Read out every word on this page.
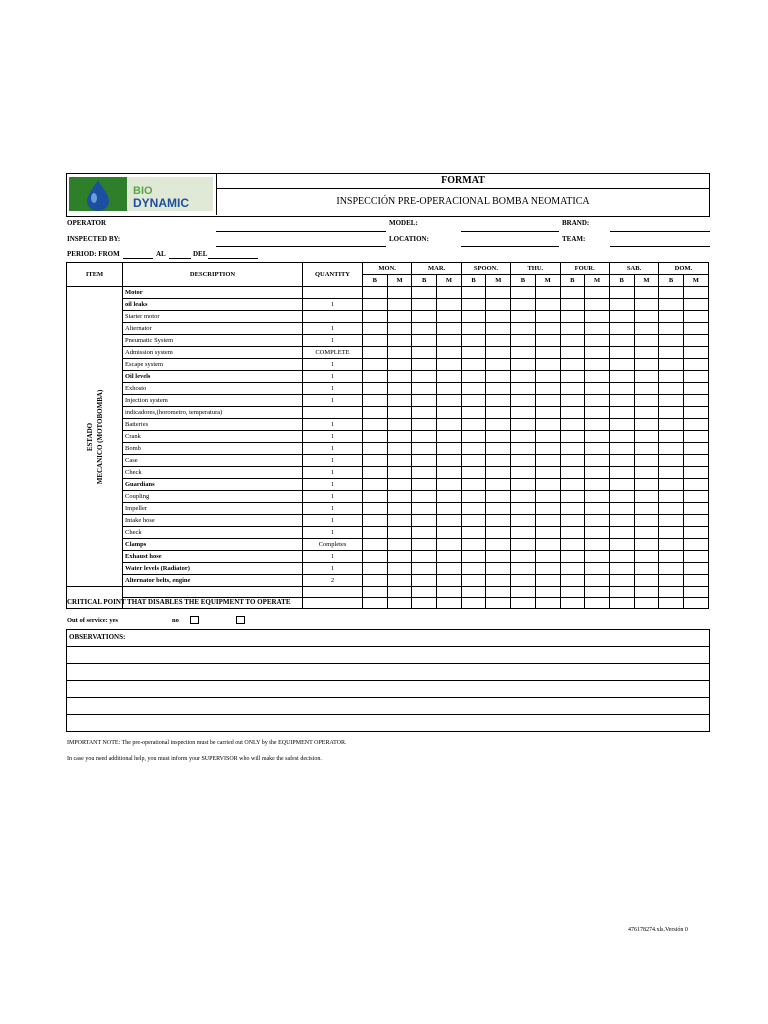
BIO
DYNAMIC
FORMAT
INSPECCIÓN PRE-OPERACIONAL BOMBA NEOMATICA
OPERATOR	MODEL:	BRAND:
INSPECTED BY:	LOCATION:	TEAM:
PERIOD: FROM	AL	DEL
ITEM	DESCRIPTION	QUANTITY	MON.		MAR.		SPOON.		THU.		FOUR.		SAB.		DOM.	
			B	M	B	M	B	M	B	M	B	M	B	M	B	M

ESTADO MECANICO (MOTOBOMBA)	Motor															
	oil leaks	1														
	Starter motor															
	Alternator	1														
	Pneumatic System	1														
	Admission system	COMPLETE														
	Escape system	1														
	Oil levels	1														
	Exhosto	1														
	Injection system	1														
	indicadores,(horometro, temperatura)															
	Batteries	1														
	Crank	1														
	Bomb	1														
	Case	1														
	Check	1														
	Guardians	1														
	Coupling	1														
	Impeller	1														
	Intake hose	1														
	Check	1														
	Clamps	Completes														
	Exhaust hose	1														
	Water levels (Radiator)	1														
	Alternator belts, engine	2														

CRITICAL POINT THAT DISABLES THE EQUIPMENT TO OPERATE
Out of service: yes	no
OBSERVATIONS:

IMPORTANT NOTE: The pre-operational inspection must be carried out ONLY by the EQUIPMENT OPERATOR.
In case you need additional help, you must inform your SUPERVISOR who will make the safest decision.
476178274.xls.Versión 0
